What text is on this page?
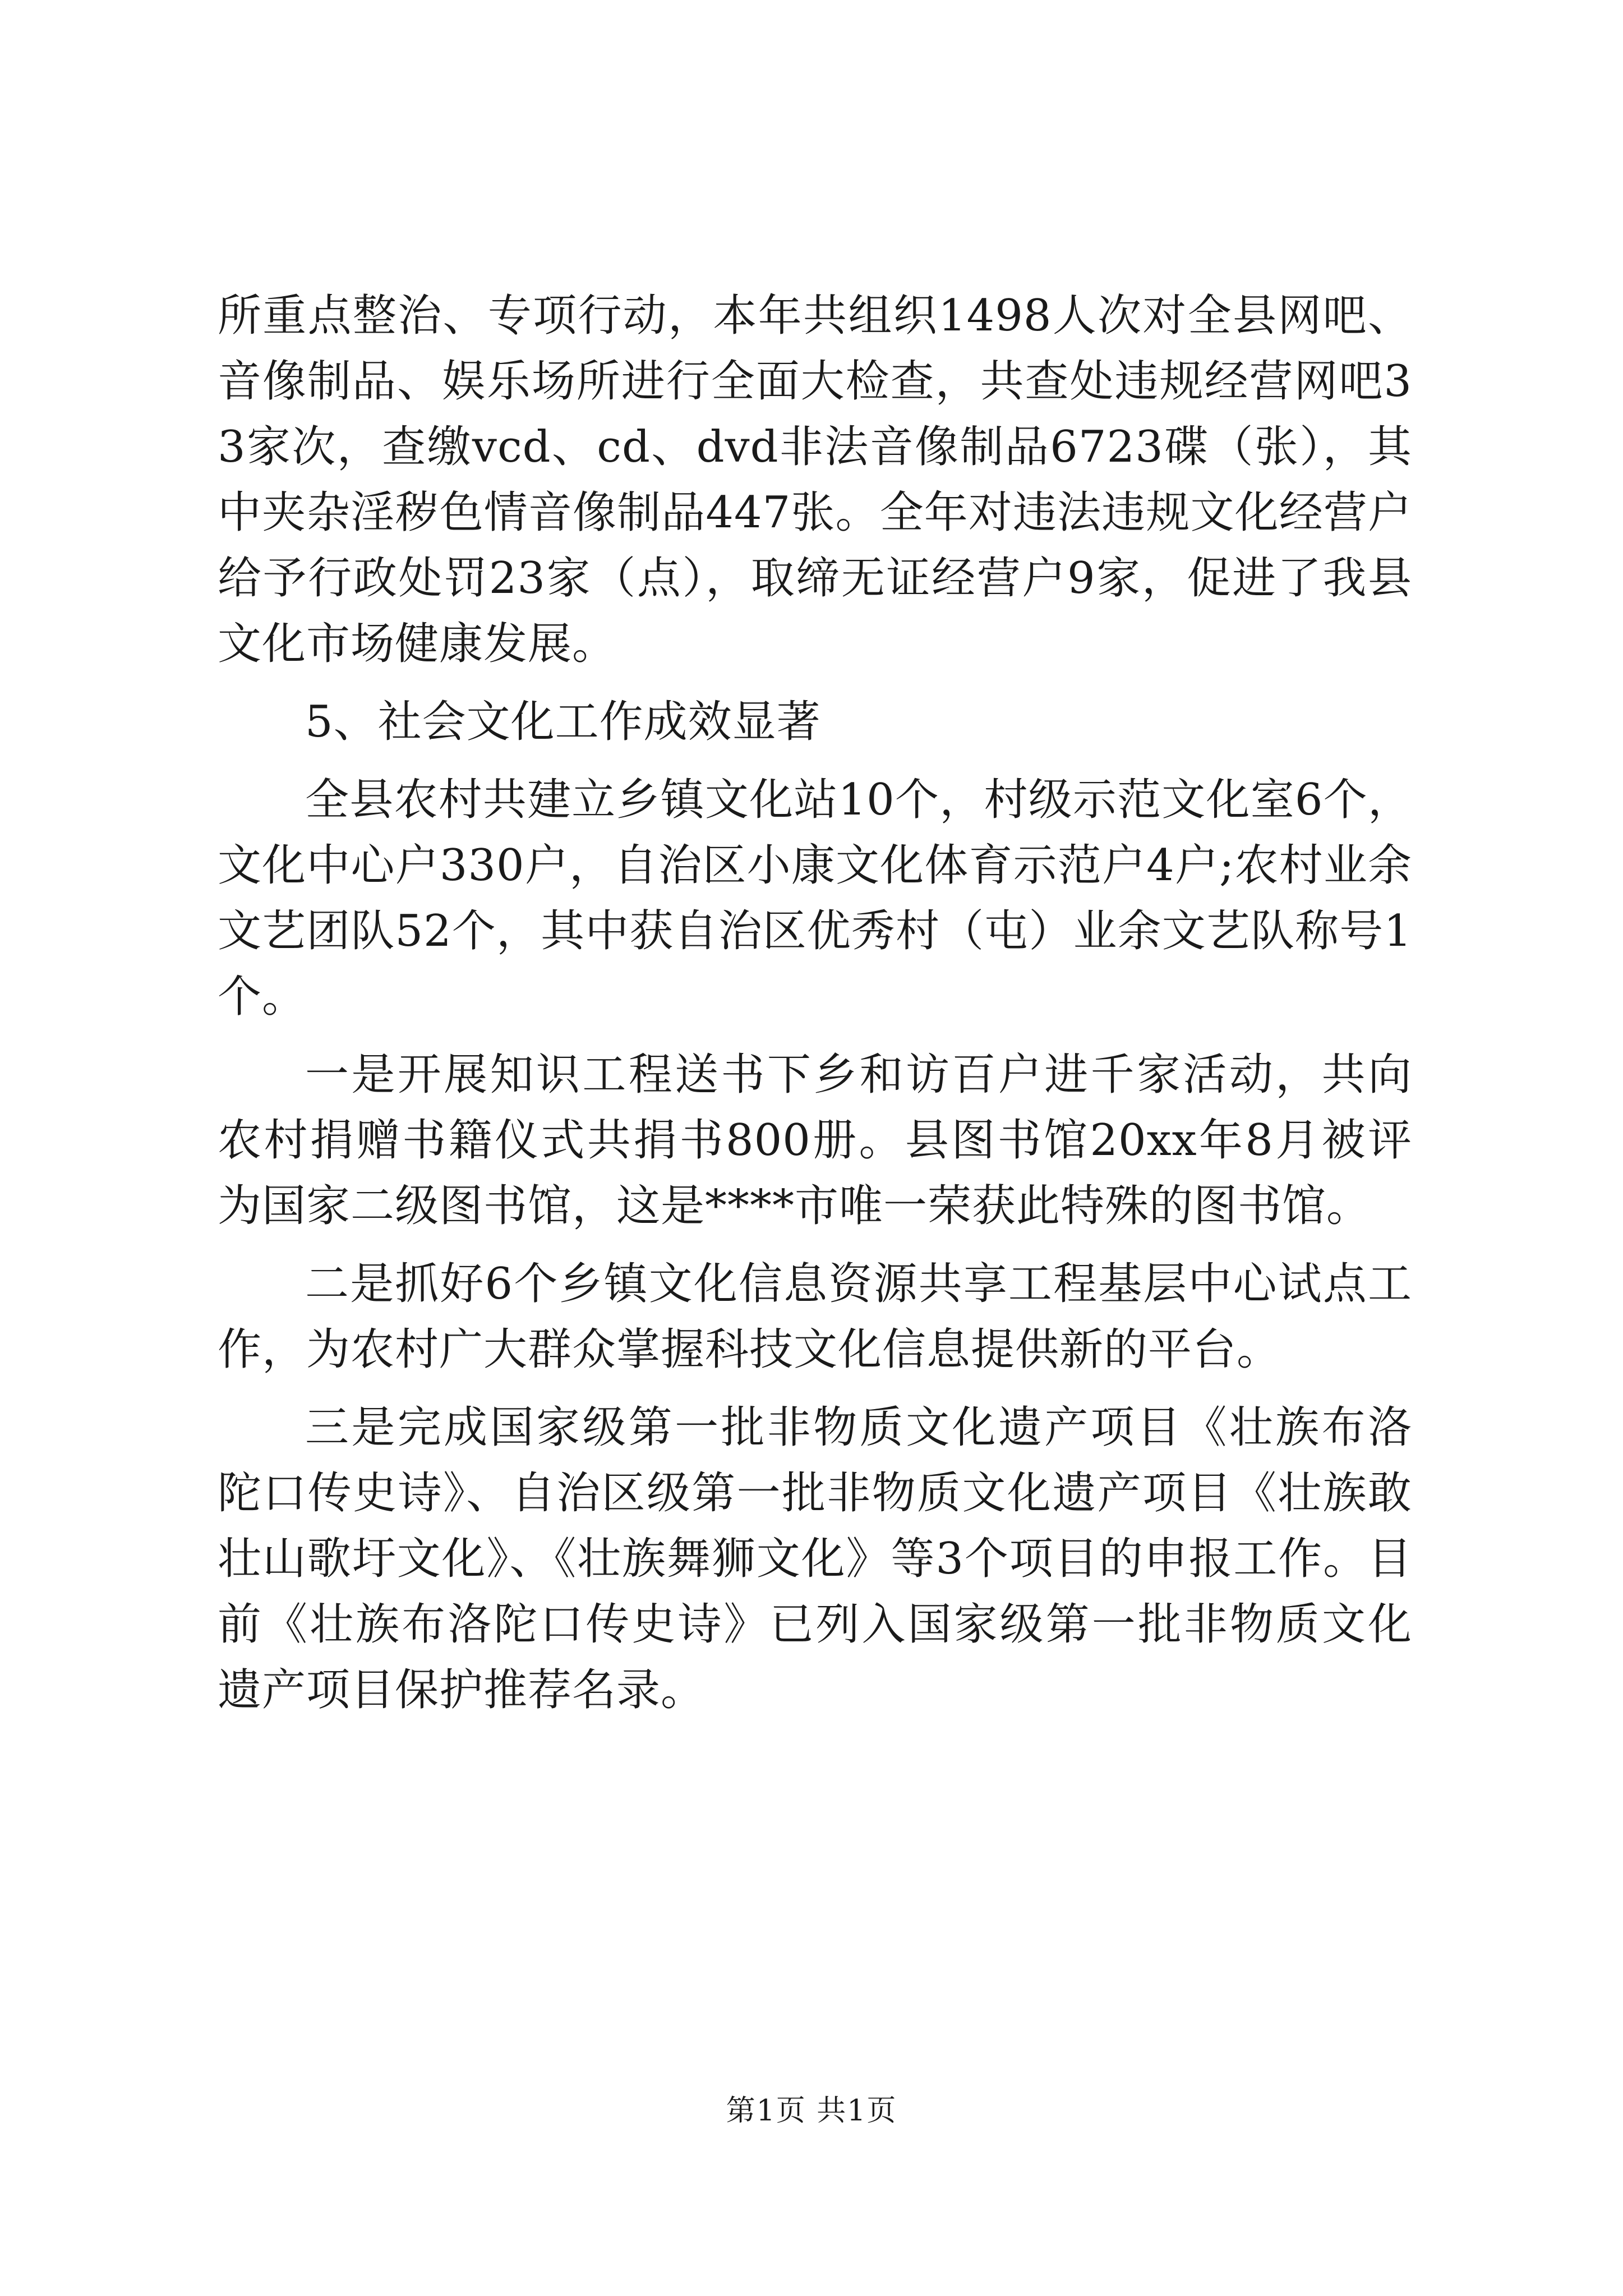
所重点整治、专项行动，本年共组织1498人次对全县网吧、音像制品、娱乐场所进行全面大检查，共查处违规经营网吧33家次，查缴vcd、cd、dvd非法音像制品6723碟（张），其中夹杂淫秽色情音像制品447张。全年对违法违规文化经营户给予行政处罚23家（点），取缔无证经营户9家，促进了我县文化市场健康发展。

5、社会文化工作成效显著

全县农村共建立乡镇文化站10个，村级示范文化室6个，文化中心户330户，自治区小康文化体育示范户4户;农村业余文艺团队52个，其中获自治区优秀村（屯）业余文艺队称号1个。

一是开展知识工程送书下乡和访百户进千家活动，共向农村捐赠书籍仪式共捐书800册。县图书馆20xx年8月被评为国家二级图书馆，这是****市唯一荣获此特殊的图书馆。

二是抓好6个乡镇文化信息资源共享工程基层中心试点工作，为农村广大群众掌握科技文化信息提供新的平台。

三是完成国家级第一批非物质文化遗产项目《壮族布洛陀口传史诗》、自治区级第一批非物质文化遗产项目《壮族敢壮山歌圩文化》、《壮族舞狮文化》等3个项目的申报工作。目前《壮族布洛陀口传史诗》已列入国家级第一批非物质文化遗产项目保护推荐名录。

第1页 共1页
